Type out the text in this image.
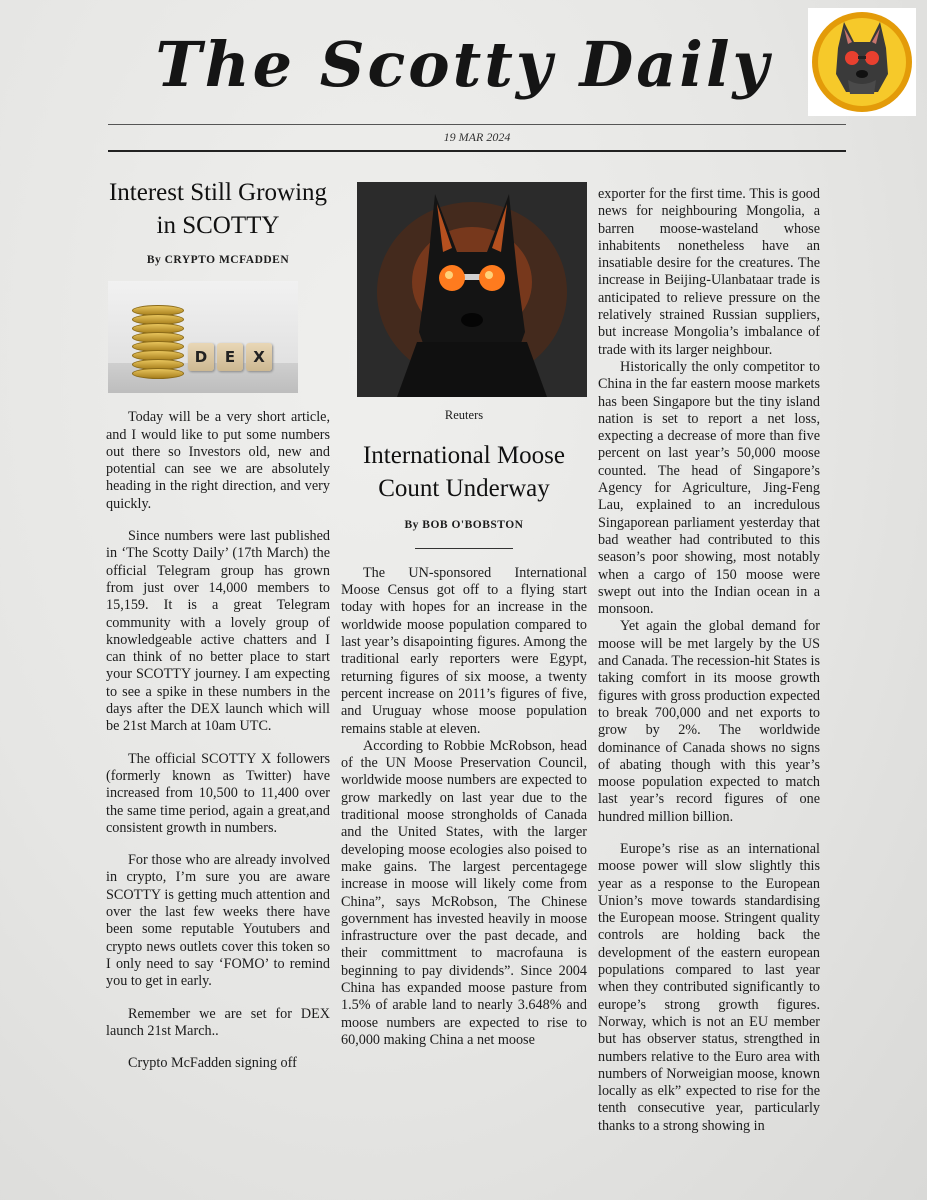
The Scotty Daily
19 MAR 2024
Interest Still Growing in SCOTTY
By CRYPTO MCFADDEN
D E X

Today will be a very short article, and I would like to put some numbers out there so Investors old, new and potential can see we are absolutely heading in the right direction, and very quickly.

Since numbers were last published in ‘The Scotty Daily’ (17th March) the official Telegram group has grown from just over 14,000 members to 15,159. It is a great Telegram community with a lovely group of knowledgeable active chatters and I can think of no better place to start your SCOTTY journey. I am expecting to see a spike in these numbers in the days after the DEX launch which will be 21st March at 10am UTC.

The official SCOTTY X followers (formerly known as Twitter) have increased from 10,500 to 11,400 over the same time period, again a great,and consistent growth in numbers.

For those who are already involved in crypto, I’m sure you are aware SCOTTY is getting much attention and over the last few weeks there have been some reputable Youtubers and crypto news outlets cover this token so I only need to say ‘FOMO’ to remind you to get in early.

Remember we are set for DEX launch 21st March..

Crypto McFadden signing off

Reuters
International Moose Count Underway
By BOB O'BOBSTON

The UN-sponsored International Moose Census got off to a flying start today with hopes for an increase in the worldwide moose population compared to last year’s disapointing figures. Among the traditional early reporters were Egypt, returning figures of six moose, a twenty percent increase on 2011’s figures of five, and Uruguay whose moose population remains stable at eleven.

According to Robbie McRobson, head of the UN Moose Preservation Council, worldwide moose numbers are expected to grow markedly on last year due to the traditional moose strongholds of Canada and the United States, with the larger developing moose ecologies also poised to make gains. The largest percentagege increase in moose will likely come from China”, says McRobson, The Chinese government has invested heavily in moose infrastructure over the past decade, and their committment to macrofauna is beginning to pay dividends”. Since 2004 China has expanded moose pasture from 1.5% of arable land to nearly 3.648% and moose numbers are expected to rise to 60,000 making China a net moose

exporter for the first time. This is good news for neighbouring Mongolia, a barren moose-wasteland whose inhabitents nonetheless have an insatiable desire for the creatures. The increase in Beijing-Ulanbataar trade is anticipated to relieve pressure on the relatively strained Russian suppliers, but increase Mongolia’s imbalance of trade with its larger neighbour.

Historically the only competitor to China in the far eastern moose markets has been Singapore but the tiny island nation is set to report a net loss, expecting a decrease of more than five percent on last year’s 50,000 moose counted. The head of Singapore’s Agency for Agriculture, Jing-Feng Lau, explained to an incredulous Singaporean parliament yesterday that bad weather had contributed to this season’s poor showing, most notably when a cargo of 150 moose were swept out into the Indian ocean in a monsoon.

Yet again the global demand for moose will be met largely by the US and Canada. The recession-hit States is taking comfort in its moose growth figures with gross production expected to break 700,000 and net exports to grow by 2%. The worldwide dominance of Canada shows no signs of abating though with this year’s moose population expected to match last year’s record figures of one hundred million billion.

Europe’s rise as an international moose power will slow slightly this year as a response to the European Union’s move towards standardising the European moose. Stringent quality controls are holding back the development of the eastern european populations compared to last year when they contributed significantly to europe’s strong growth figures. Norway, which is not an EU member but has observer status, strengthed in numbers relative to the Euro area with numbers of Norweigian moose, known locally as elk” expected to rise for the tenth consecutive year, particularly thanks to a strong showing in
